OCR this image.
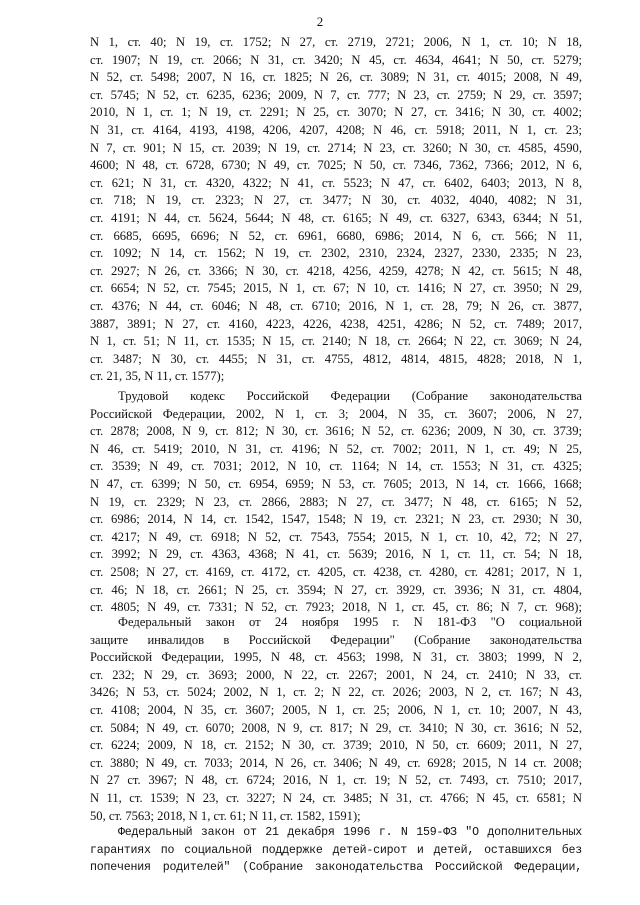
2

N 1, ст. 40; N 19, ст. 1752; N 27, ст. 2719, 2721; 2006, N 1, ст. 10; N 18,
ст. 1907; N 19, ст. 2066; N 31, ст. 3420; N 45, ст. 4634, 4641; N 50, ст. 5279;
N 52, ст. 5498; 2007, N 16, ст. 1825; N 26, ст. 3089; N 31, ст. 4015; 2008, N 49,
ст. 5745; N 52, ст. 6235, 6236; 2009, N 7, ст. 777; N 23, ст. 2759; N 29, ст. 3597;
2010, N 1, ст. 1; N 19, ст. 2291; N 25, ст. 3070; N 27, ст. 3416; N 30, ст. 4002;
N 31, ст. 4164, 4193, 4198, 4206, 4207, 4208; N 46, ст. 5918; 2011, N 1, ст. 23;
N 7, ст. 901; N 15, ст. 2039; N 19, ст. 2714; N 23, ст. 3260; N 30, ст. 4585, 4590,
4600; N 48, ст. 6728, 6730; N 49, ст. 7025; N 50, ст. 7346, 7362, 7366; 2012, N 6,
ст. 621; N 31, ст. 4320, 4322; N 41, ст. 5523; N 47, ст. 6402, 6403; 2013, N 8,
ст. 718; N 19, ст. 2323; N 27, ст. 3477; N 30, ст. 4032, 4040, 4082; N 31,
ст. 4191; N 44, ст. 5624, 5644; N 48, ст. 6165; N 49, ст. 6327, 6343, 6344; N 51,
ст. 6685, 6695, 6696; N 52, ст. 6961, 6680, 6986; 2014, N 6, ст. 566; N 11,
ст. 1092; N 14, ст. 1562; N 19, ст. 2302, 2310, 2324, 2327, 2330, 2335; N 23,
ст. 2927; N 26, ст. 3366; N 30, ст. 4218, 4256, 4259, 4278; N 42, ст. 5615; N 48,
ст. 6654; N 52, ст. 7545; 2015, N 1, ст. 67; N 10, ст. 1416; N 27, ст. 3950; N 29,
ст. 4376; N 44, ст. 6046; N 48, ст. 6710; 2016, N 1, ст. 28, 79; N 26, ст. 3877,
3887, 3891; N 27, ст. 4160, 4223, 4226, 4238, 4251, 4286; N 52, ст. 7489; 2017,
N 1, ст. 51; N 11, ст. 1535; N 15, ст. 2140; N 18, ст. 2664; N 22, ст. 3069; N 24,
ст. 3487; N 30, ст. 4455; N 31, ст. 4755, 4812, 4814, 4815, 4828; 2018, N 1,
ст. 21, 35, N 11, ст. 1577);

Трудовой кодекс Российской Федерации (Собрание законодательства
Российской Федерации, 2002, N 1, ст. 3; 2004, N 35, ст. 3607; 2006, N 27,
ст. 2878; 2008, N 9, ст. 812; N 30, ст. 3616; N 52, ст. 6236; 2009, N 30, ст. 3739;
N 46, ст. 5419; 2010, N 31, ст. 4196; N 52, ст. 7002; 2011, N 1, ст. 49; N 25,
ст. 3539; N 49, ст. 7031; 2012, N 10, ст. 1164; N 14, ст. 1553; N 31, ст. 4325;
N 47, ст. 6399; N 50, ст. 6954, 6959; N 53, ст. 7605; 2013, N 14, ст. 1666, 1668;
N 19, ст. 2329; N 23, ст. 2866, 2883; N 27, ст. 3477; N 48, ст. 6165; N 52,
ст. 6986; 2014, N 14, ст. 1542, 1547, 1548; N 19, ст. 2321; N 23, ст. 2930; N 30,
ст. 4217; N 49, ст. 6918; N 52, ст. 7543, 7554; 2015, N 1, ст. 10, 42, 72; N 27,
ст. 3992; N 29, ст. 4363, 4368; N 41, ст. 5639; 2016, N 1, ст. 11, ст. 54; N 18,
ст. 2508; N 27, ст. 4169, ст. 4172, ст. 4205, ст. 4238, ст. 4280, ст. 4281; 2017, N 1,
ст. 46; N 18, ст. 2661; N 25, ст. 3594; N 27, ст. 3929, ст. 3936; N 31, ст. 4804,
ст. 4805; N 49, ст. 7331; N 52, ст. 7923; 2018, N 1, ст. 45, ст. 86; N 7, ст. 968);

Федеральный закон от 24 ноября 1995 г. N 181-ФЗ "О социальной
защите инвалидов в Российской Федерации" (Собрание законодательства
Российской Федерации, 1995, N 48, ст. 4563; 1998, N 31, ст. 3803; 1999, N 2,
ст. 232; N 29, ст. 3693; 2000, N 22, ст. 2267; 2001, N 24, ст. 2410; N 33, ст.
3426; N 53, ст. 5024; 2002, N 1, ст. 2; N 22, ст. 2026; 2003, N 2, ст. 167; N 43,
ст. 4108; 2004, N 35, ст. 3607; 2005, N 1, ст. 25; 2006, N 1, ст. 10; 2007, N 43,
ст. 5084; N 49, ст. 6070; 2008, N 9, ст. 817; N 29, ст. 3410; N 30, ст. 3616; N 52,
ст. 6224; 2009, N 18, ст. 2152; N 30, ст. 3739; 2010, N 50, ст. 6609; 2011, N 27,
ст. 3880; N 49, ст. 7033; 2014, N 26, ст. 3406; N 49, ст. 6928; 2015, N 14 ст. 2008;
N 27 ст. 3967; N 48, ст. 6724; 2016, N 1, ст. 19; N 52, ст. 7493, ст. 7510; 2017,
N 11, ст. 1539; N 23, ст. 3227; N 24, ст. 3485; N 31, ст. 4766; N 45, ст. 6581; N
50, ст. 7563; 2018, N 1, ст. 61; N 11, ст. 1582, 1591);

Федеральный закон от 21 декабря 1996 г. N 159-ФЗ "О дополнительных
гарантиях по социальной поддержке детей-сирот и детей, оставшихся без
попечения родителей" (Собрание законодательства Российской Федерации,
